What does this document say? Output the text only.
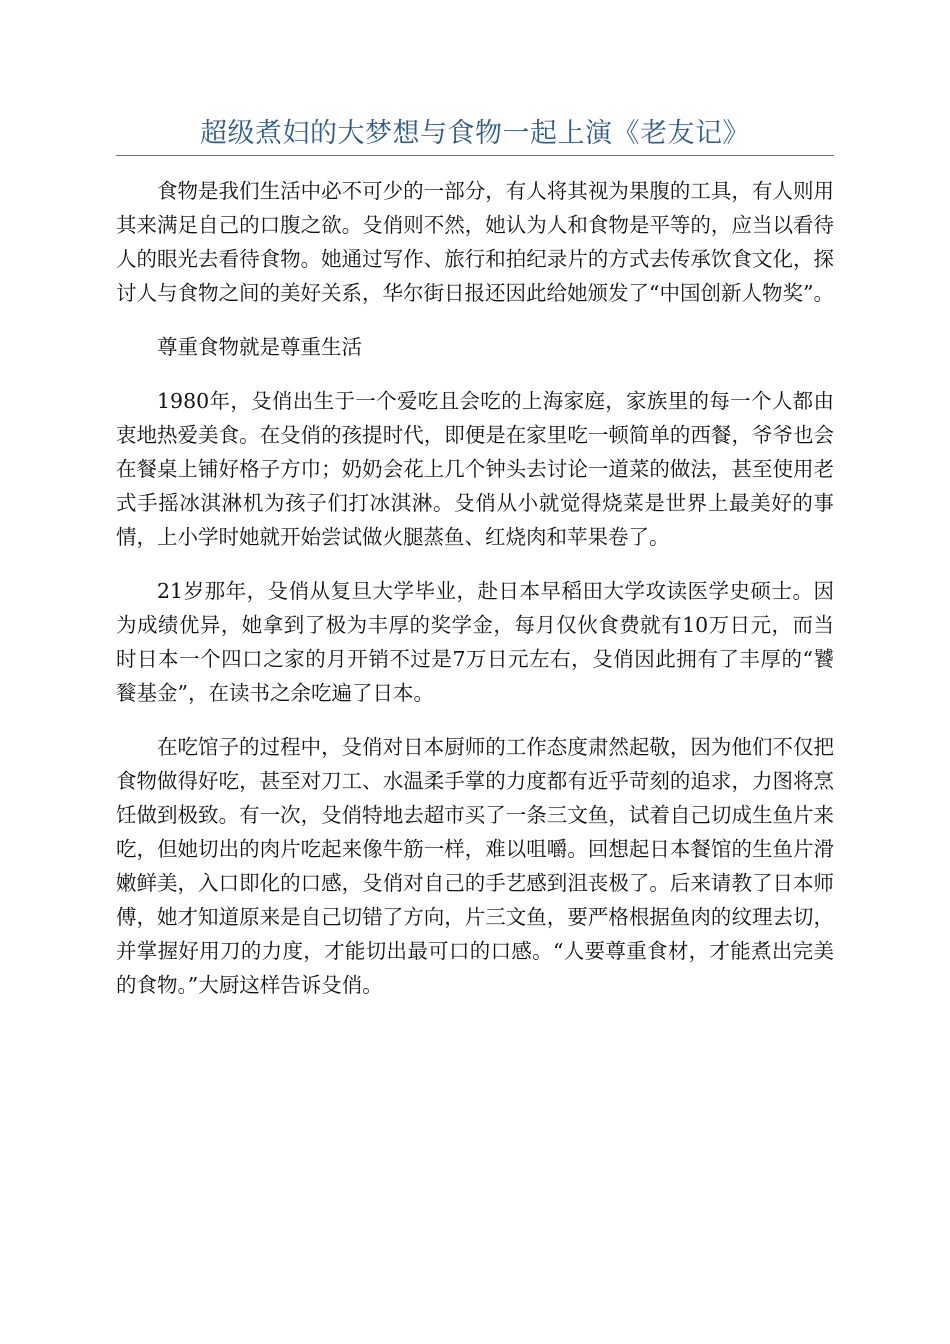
超级煮妇的大梦想与食物一起上演《老友记》

食物是我们生活中必不可少的一部分，有人将其视为果腹的工具，有人则用其来满足自己的口腹之欲。殳俏则不然，她认为人和食物是平等的，应当以看待人的眼光去看待食物。她通过写作、旅行和拍纪录片的方式去传承饮食文化，探讨人与食物之间的美好关系，华尔街日报还因此给她颁发了“中国创新人物奖”。

尊重食物就是尊重生活

1980年，殳俏出生于一个爱吃且会吃的上海家庭，家族里的每一个人都由衷地热爱美食。在殳俏的孩提时代，即便是在家里吃一顿简单的西餐，爷爷也会在餐桌上铺好格子方巾；奶奶会花上几个钟头去讨论一道菜的做法，甚至使用老式手摇冰淇淋机为孩子们打冰淇淋。殳俏从小就觉得烧菜是世界上最美好的事情，上小学时她就开始尝试做火腿蒸鱼、红烧肉和苹果卷了。

21岁那年，殳俏从复旦大学毕业，赴日本早稻田大学攻读医学史硕士。因为成绩优异，她拿到了极为丰厚的奖学金，每月仅伙食费就有10万日元，而当时日本一个四口之家的月开销不过是7万日元左右，殳俏因此拥有了丰厚的“饕餮基金”，在读书之余吃遍了日本。

在吃馆子的过程中，殳俏对日本厨师的工作态度肃然起敬，因为他们不仅把食物做得好吃，甚至对刀工、水温柔手掌的力度都有近乎苛刻的追求，力图将烹饪做到极致。有一次，殳俏特地去超市买了一条三文鱼，试着自己切成生鱼片来吃，但她切出的肉片吃起来像牛筋一样，难以咀嚼。回想起日本餐馆的生鱼片滑嫩鲜美，入口即化的口感，殳俏对自己的手艺感到沮丧极了。后来请教了日本师傅，她才知道原来是自己切错了方向，片三文鱼，要严格根据鱼肉的纹理去切，并掌握好用刀的力度，才能切出最可口的口感。“人要尊重食材，才能煮出完美的食物。”大厨这样告诉殳俏。
